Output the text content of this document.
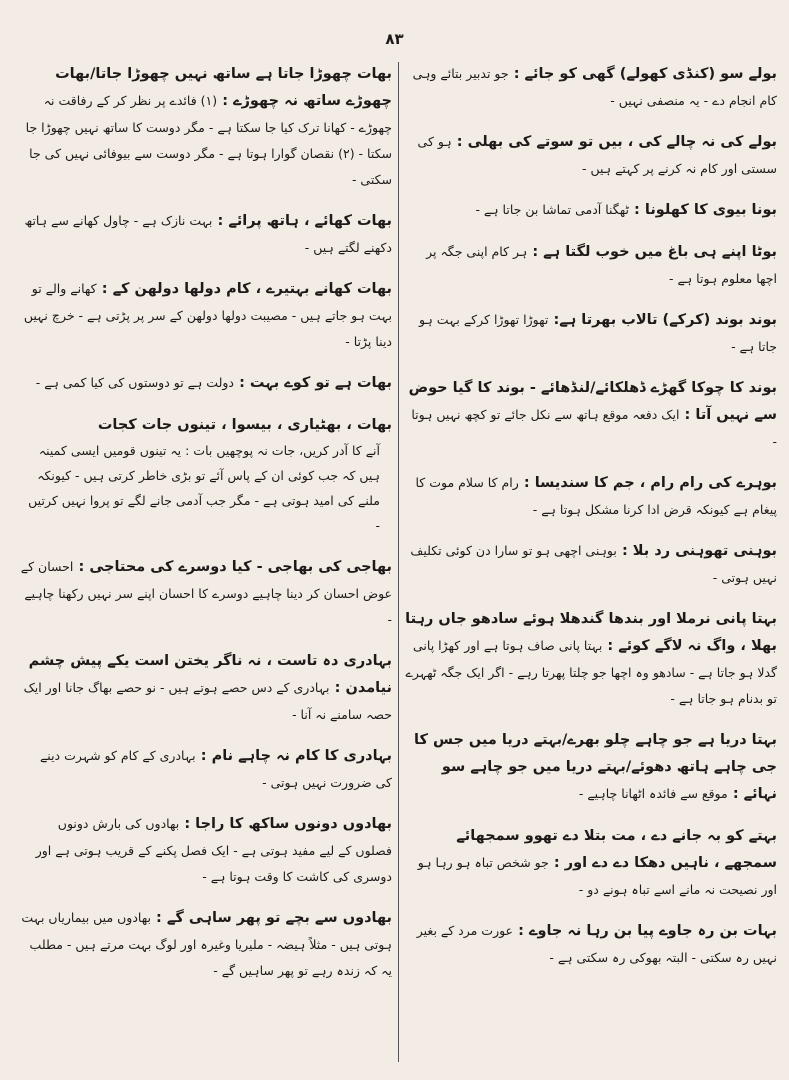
۸۳
بولے سو (کنڈی کھولے) گھی کو جائے : جو تدبیر بتائے وہی کام انجام دے - یہ منصفی نہیں -
بولے کی نہ چالے کی ، بیں تو سوتے کی بھلی : ہو کی سستی اور کام نہ کرنے پر کہتے ہیں -
بونا بیوی کا کھلونا : ٹھگنا آدمی تماشا بن جاتا ہے -
بوٹا اپنے ہی باغ میں خوب لگتا ہے : ہر کام اپنی جگہ پر اچھا معلوم ہوتا ہے -
بوند بوند (کرکے) تالاب بھرتا ہے: تھوڑا تھوڑا کرکے بہت ہو جاتا ہے -
بوند کا چوکا گھڑے ڈھلکائے/لنڈھائے - بوند کا گیا حوض سے نہیں آتا : ایک دفعہ موقع ہاتھ سے نکل جائے تو کچھ نہیں ہوتا -
بوہرے کی رام رام ، جم کا سندیسا : رام کا سلام موت کا پیغام ہے کیونکہ قرض ادا کرنا مشکل ہوتا ہے -
بوہنی تھوہنی رد بلا : بوہنی اچھی ہو تو سارا دن کوئی تکلیف نہیں ہوتی -
بہتا پانی نرملا اور بندھا گندھلا ہوئے سادھو جاں رہتا بھلا ، واگ نہ لاگے کوئے : بہتا پانی صاف ہوتا ہے اور کھڑا پانی گدلا ہو جاتا ہے - سادھو وہ اچھا جو چلتا پھرتا رہے - اگر ایک جگہ ٹھہرے تو بدنام ہو جاتا ہے -
بہتا دریا ہے جو چاہے چلو بھرے/بہتے دریا میں جس کا جی چاہے ہاتھ دھوئے/بہتے دریا میں جو چاہے سو نہائے : موقع سے فائدہ اٹھانا چاہیے -
بہتے کو بہ جانے دے ، مت بتلا دے تھوو سمجھائے سمجھے ، ناہیں دھکا دے دے اور : جو شخص تباہ ہو رہا ہو اور نصیحت نہ مانے اسے تباہ ہونے دو -
بہات بن رہ جاوے پیا بن رہا نہ جاوے : عورت مرد کے بغیر نہیں رہ سکتی - البتہ بھوکی رہ سکتی ہے -
بھات چھوڑا جاتا ہے ساتھ نہیں چھوڑا جاتا/بھات چھوڑے ساتھ نہ چھوڑے : (۱) فائدے پر نظر کر کے رفاقت نہ چھوڑے - کھانا ترک کیا جا سکتا ہے - مگر دوست کا ساتھ نہیں چھوڑا جا سکتا - (۲) نقصان گوارا ہوتا ہے - مگر دوست سے بیوفائی نہیں کی جا سکتی -
بھات کھائے ، ہاتھ پرائے : بہت نازک ہے - چاول کھانے سے ہاتھ دکھنے لگتے ہیں -
بھات کھانے بہتیرے ، کام دولھا دولھن کے : کھانے والے تو بہت ہو جاتے ہیں - مصیبت دولھا دولھن کے سر پر پڑتی ہے - خرچ نہیں دینا پڑتا -
بھات ہے تو کوے بہت : دولت ہے تو دوستوں کی کیا کمی ہے -
بھات ، بھٹیاری ، بیسوا ، تینوں جات کجات
آنے کا آدر کریں، جات نہ پوچھیں بات : یہ تینوں قومیں ایسی کمینہ ہیں کہ جب کوئی ان کے پاس آئے تو بڑی خاطر کرتی ہیں - کیونکہ ملنے کی امید ہوتی ہے - مگر جب آدمی جانے لگے تو پروا نہیں کرتیں -
بھاجی کی بھاجی - کیا دوسرے کی محتاجی : احسان کے عوض احسان کر دینا چاہیے دوسرے کا احسان اپنے سر نہیں رکھنا چاہیے -
بہادری دہ تاست ، نہ ناگر یختن است یکے پیش چشم نیامدن : بہادری کے دس حصے ہوتے ہیں - نو حصے بھاگ جانا اور ایک حصہ سامنے نہ آنا -
بہادری کا کام نہ چاہے نام : بہادری کے کام کو شہرت دینے کی ضرورت نہیں ہوتی -
بھادوں دونوں ساکھ کا راجا : بھادوں کی بارش دونوں فصلوں کے لیے مفید ہوتی ہے - ایک فصل پکنے کے قریب ہوتی ہے اور دوسری کی کاشت کا وقت ہوتا ہے -
بھادوں سے بچے تو پھر ساہی گے : بھادوں میں بیماریاں بہت ہوتی ہیں - مثلاً ہیضہ - ملیریا وغیرہ اور لوگ بہت مرتے ہیں - مطلب یہ کہ زندہ رہے تو پھر ساہیں گے -
